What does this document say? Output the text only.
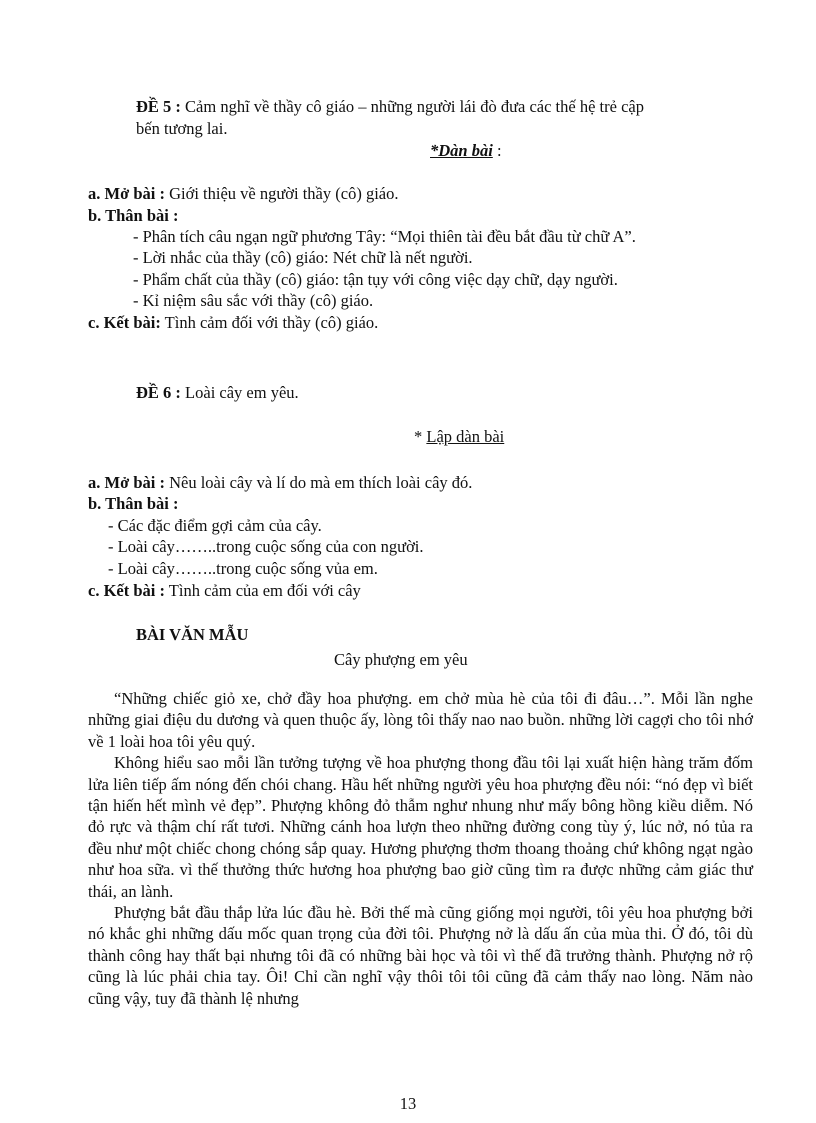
ĐỀ 5 : Cảm nghĩ về thầy cô giáo – những người lái đò đưa các thế hệ trẻ cập
bến tương lai.
*Dàn bài :
a. Mở bài : Giới thiệu về người thầy (cô) giáo.
b. Thân bài :
- Phân tích câu ngạn ngữ phương Tây: “Mọi thiên tài đều bắt đầu từ chữ A”.
- Lời nhắc của thầy (cô) giáo: Nét chữ là nết người.
- Phẩm chất của thầy (cô) giáo: tận tụy với công việc dạy chữ, dạy người.
- Kỉ niệm sâu sắc với thầy (cô) giáo.
c. Kết bài: Tình cảm đối với thầy (cô) giáo.
ĐỀ 6 : Loài cây em yêu.
* Lập dàn bài
a. Mở bài : Nêu loài cây và lí do mà em thích loài cây đó.
b. Thân bài :
- Các đặc điểm gợi cảm của cây.
- Loài cây……..trong cuộc sống của con người.
- Loài cây……..trong cuộc sống vủa em.
c. Kết bài : Tình cảm của em đối với cây
BÀI VĂN MẪU
Cây phượng em yêu

“Những chiếc giỏ xe, chở đầy hoa phượng. em chở mùa hè của tôi đi đâu…”. Mỗi lần nghe những giai điệu du dương và quen thuộc ấy, lòng tôi thấy nao nao buồn. những lời cagợi cho tôi nhớ về 1 loài hoa tôi yêu quý.

Không hiểu sao mỗi lần tưởng tượng về hoa phượng thong đầu tôi lại xuất hiện hàng trăm đốm lửa liên tiếp ấm nóng đến chói chang. Hầu hết những người yêu hoa phượng đều nói: “nó đẹp vì biết tận hiến hết mình vẻ đẹp”. Phượng không đỏ thẫm nghư nhung như mấy bông hồng kiều diễm. Nó đỏ rực và thậm chí rất tươi. Những cánh hoa lượn theo những đường cong tùy ý, lúc nở, nó tủa ra đều như một chiếc chong chóng sắp quay. Hương phượng thơm thoang thoảng chứ không ngạt ngào như hoa sữa. vì thế thưởng thức hương hoa phượng bao giờ cũng tìm ra được những cảm giác thư thái, an lành.

Phượng bắt đầu thắp lửa lúc đầu hè. Bởi thế mà cũng giống mọi người, tôi yêu hoa phượng bởi nó khắc ghi những dấu mốc quan trọng của đời tôi. Phượng nở là dấu ấn của mùa thi. Ở đó, tôi dù thành công hay thất bại nhưng tôi đã có những bài học và tôi vì thế đã trưởng thành. Phượng nở rộ cũng là lúc phải chia tay. Ôi! Chỉ cần nghĩ vậy thôi tôi tôi cũng đã cảm thấy nao lòng. Năm nào cũng vậy, tuy đã thành lệ nhưng

13
